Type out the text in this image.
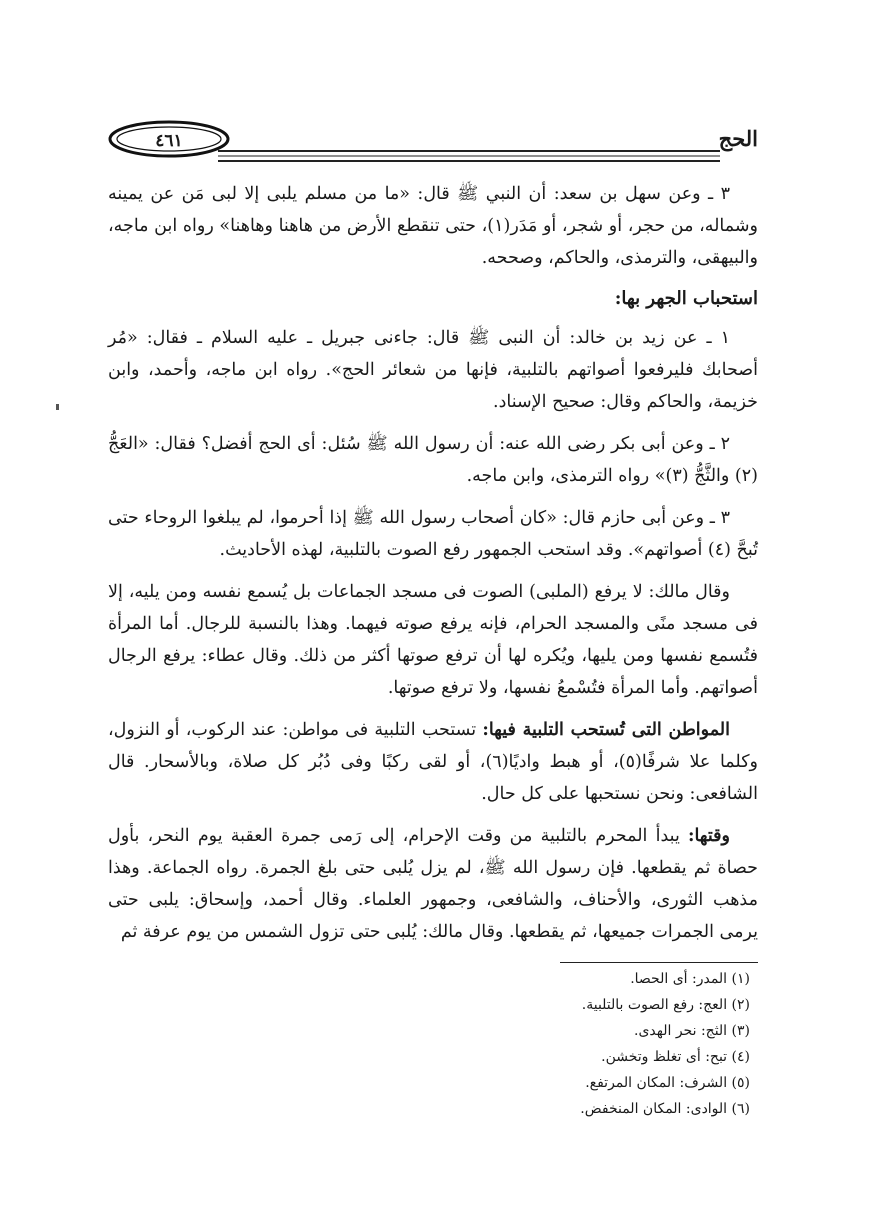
٤٦١	الحج

٣ ـ وعن سهل بن سعد: أن النبي ﷺ قال: «ما من مسلم يلبى إلا لبى مَن عن يمينه وشماله، من حجر، أو شجر، أو مَدَر(١)، حتى تنقطع الأرض من هاهنا وهاهنا» رواه ابن ماجه، والبيهقى، والترمذى، والحاكم، وصححه.

استحباب الجهر بها:

١ ـ عن زيد بن خالد: أن النبى ﷺ قال: جاءنى جبريل ـ عليه السلام ـ فقال: «مُر أصحابك فليرفعوا أصواتهم بالتلبية، فإنها من شعائر الحج». رواه ابن ماجه، وأحمد، وابن خزيمة، والحاكم وقال: صحيح الإسناد.

٢ ـ وعن أبى بكر رضى الله عنه: أن رسول الله ﷺ سُئل: أى الحج أفضل؟ فقال: «العَجُّ (٢) والثَّجُّ (٣)» رواه الترمذى، وابن ماجه.

٣ ـ وعن أبى حازم قال: «كان أصحاب رسول الله ﷺ إذا أحرموا، لم يبلغوا الروحاء حتى تُبحَّ (٤) أصواتهم». وقد استحب الجمهور رفع الصوت بالتلبية، لهذه الأحاديث.

وقال مالك: لا يرفع (الملبى) الصوت فى مسجد الجماعات بل يُسمع نفسه ومن يليه، إلا فى مسجد منًى والمسجد الحرام، فإنه يرفع صوته فيهما. وهذا بالنسبة للرجال. أما المرأة فتُسمع نفسها ومن يليها، ويُكره لها أن ترفع صوتها أكثر من ذلك. وقال عطاء: يرفع الرجال أصواتهم. وأما المرأة فتُسْمعُ نفسها، ولا ترفع صوتها.

المواطن التى تُستحب التلبية فيها: تستحب التلبية فى مواطن: عند الركوب، أو النزول، وكلما علا شرفًا(٥)، أو هبط واديًا(٦)، أو لقى ركبًا وفى دُبُر كل صلاة، وبالأسحار. قال الشافعى: ونحن نستحبها على كل حال.

وقتها: يبدأ المحرم بالتلبية من وقت الإحرام، إلى رَمى جمرة العقبة يوم النحر، بأول حصاة ثم يقطعها. فإن رسول الله ﷺ، لم يزل يُلبى حتى بلغ الجمرة. رواه الجماعة. وهذا مذهب الثورى، والأحناف، والشافعى، وجمهور العلماء. وقال أحمد، وإسحاق: يلبى حتى يرمى الجمرات جميعها، ثم يقطعها. وقال مالك: يُلبى حتى تزول الشمس من يوم عرفة ثم

(١) المدر: أى الحصا.

(٢) العج: رفع الصوت بالتلبية.

(٣) الثج: نحر الهدى.

(٤) تبح: أى تغلظ وتخشن.

(٥) الشرف: المكان المرتفع.

(٦) الوادى: المكان المنخفض.
